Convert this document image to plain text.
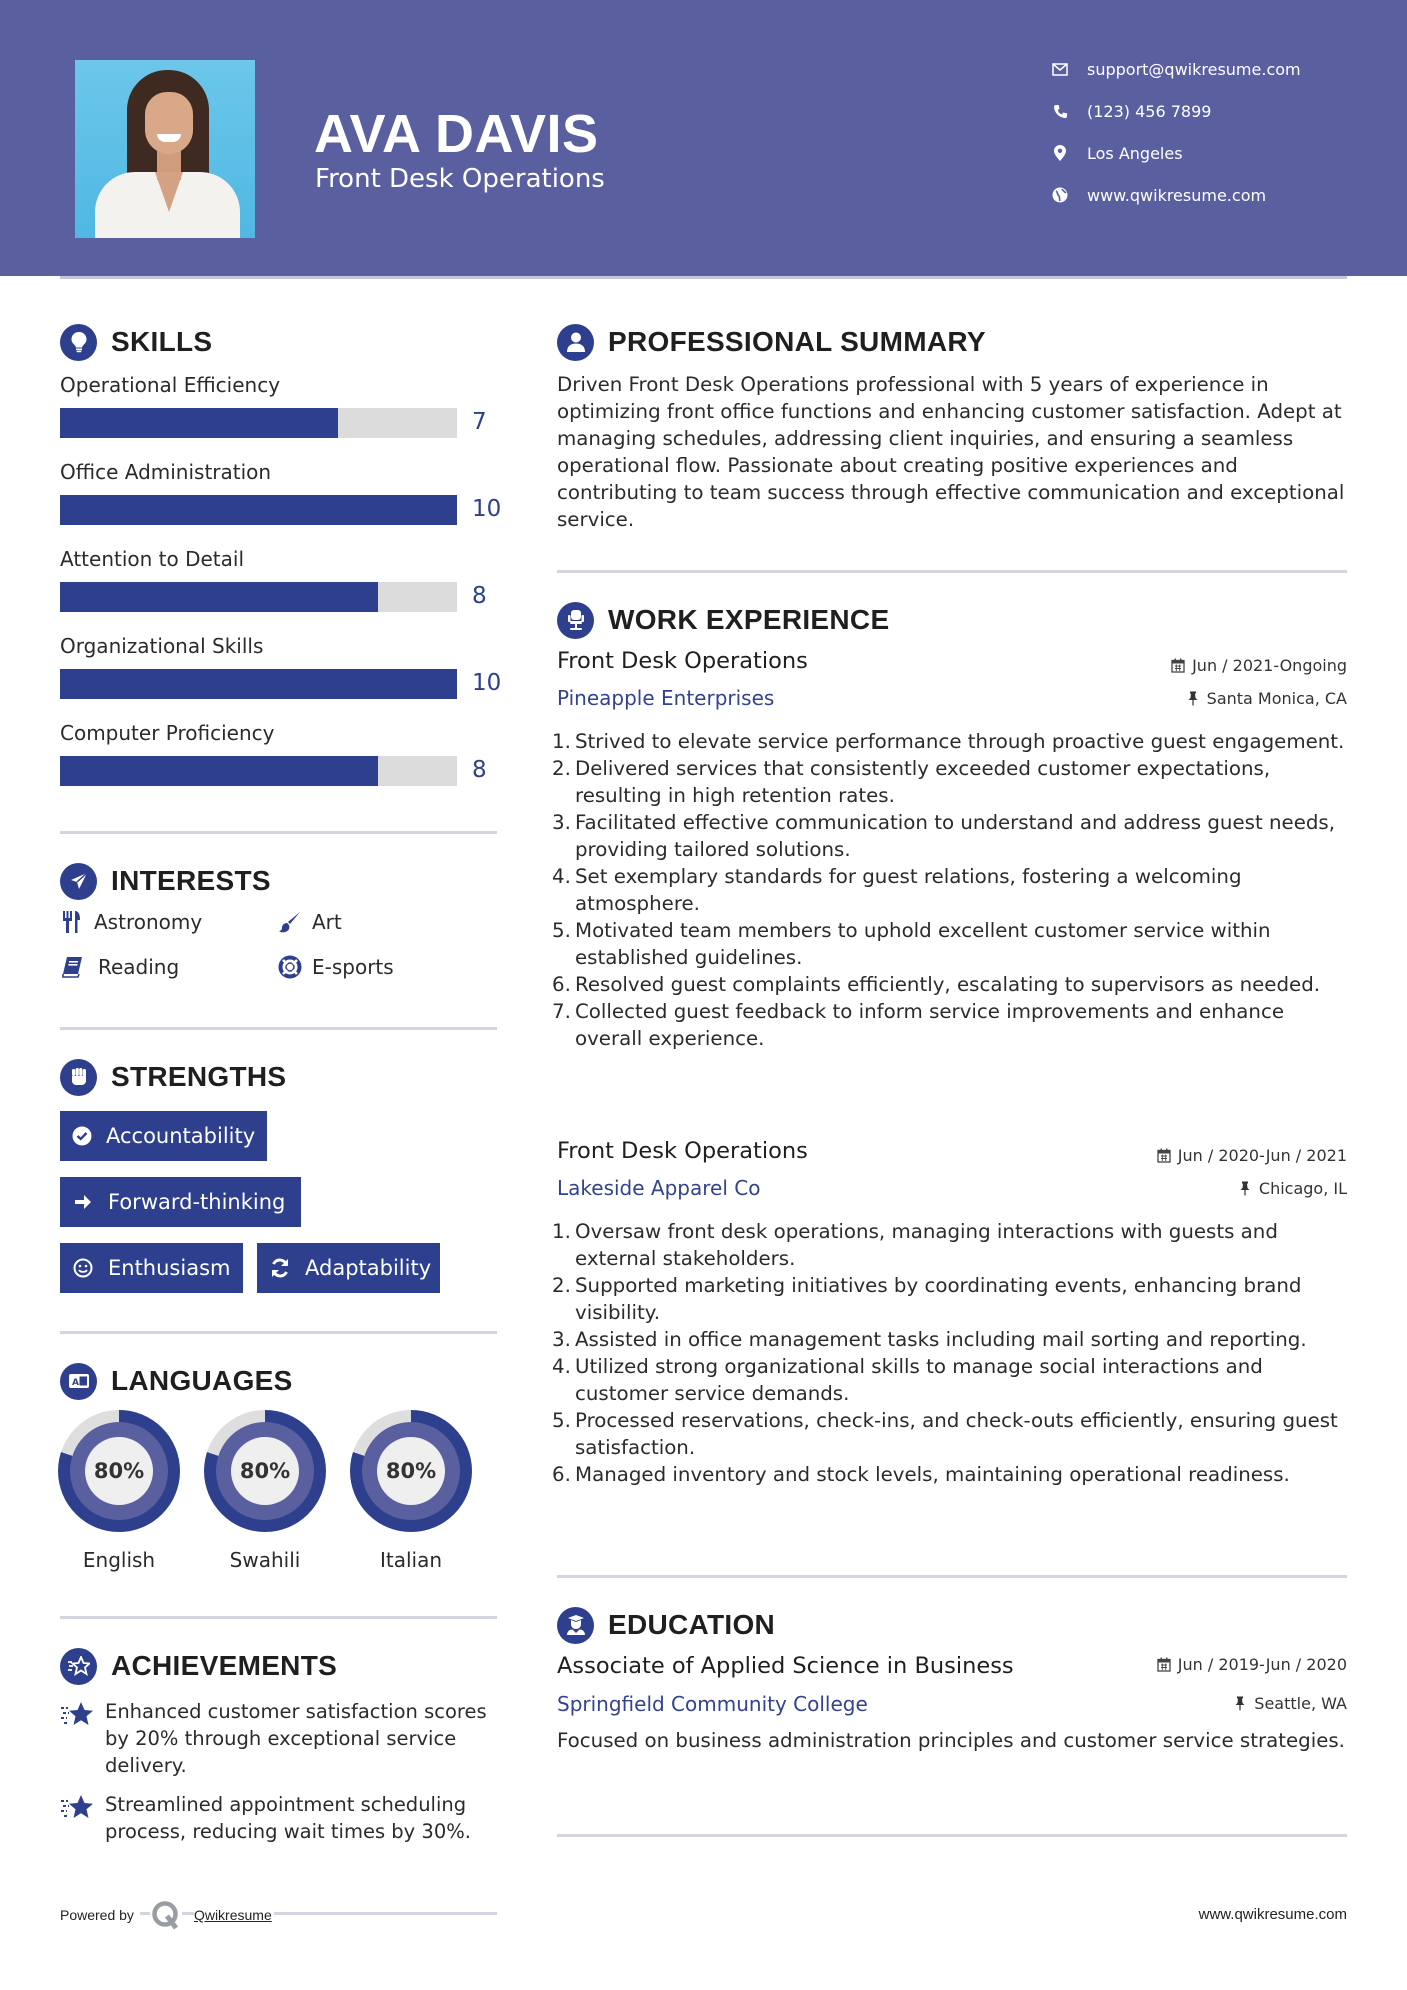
AVA DAVIS
Front Desk Operations
support@qwikresume.com
(123) 456 7899
Los Angeles
www.qwikresume.com
SKILLS
Operational Efficiency
7
Office Administration
10
Attention to Detail
8
Organizational Skills
10
Computer Proficiency
8
INTERESTS
Astronomy	Art
Reading	E-sports
STRENGTHS
Accountability
Forward-thinking
Enthusiasm	Adaptability
A LANGUAGES
80%
English
80%
Swahili
80%
Italian
ACHIEVEMENTS
Enhanced customer satisfaction scores by 20% through exceptional service delivery.
Streamlined appointment scheduling process, reducing wait times by 30%.
PROFESSIONAL SUMMARY
Driven Front Desk Operations professional with 5 years of experience in optimizing front office functions and enhancing customer satisfaction. Adept at managing schedules, addressing client inquiries, and ensuring a seamless operational flow. Passionate about creating positive experiences and contributing to team success through effective communication and exceptional service.
WORK EXPERIENCE
Front Desk Operations	Jun / 2021-Ongoing
Pineapple Enterprises	Santa Monica, CA
1. Strived to elevate service performance through proactive guest engagement.
2. Delivered services that consistently exceeded customer expectations, resulting in high retention rates.
3. Facilitated effective communication to understand and address guest needs, providing tailored solutions.
4. Set exemplary standards for guest relations, fostering a welcoming atmosphere.
5. Motivated team members to uphold excellent customer service within established guidelines.
6. Resolved guest complaints efficiently, escalating to supervisors as needed.
7. Collected guest feedback to inform service improvements and enhance overall experience.
Front Desk Operations	Jun / 2020-Jun / 2021
Lakeside Apparel Co	Chicago, IL
1. Oversaw front desk operations, managing interactions with guests and external stakeholders.
2. Supported marketing initiatives by coordinating events, enhancing brand visibility.
3. Assisted in office management tasks including mail sorting and reporting.
4. Utilized strong organizational skills to manage social interactions and customer service demands.
5. Processed reservations, check-ins, and check-outs efficiently, ensuring guest satisfaction.
6. Managed inventory and stock levels, maintaining operational readiness.
EDUCATION
Associate of Applied Science in Business	Jun / 2019-Jun / 2020
Springfield Community College	Seattle, WA
Focused on business administration principles and customer service strategies.
Powered by	Qwikresume	www.qwikresume.com
